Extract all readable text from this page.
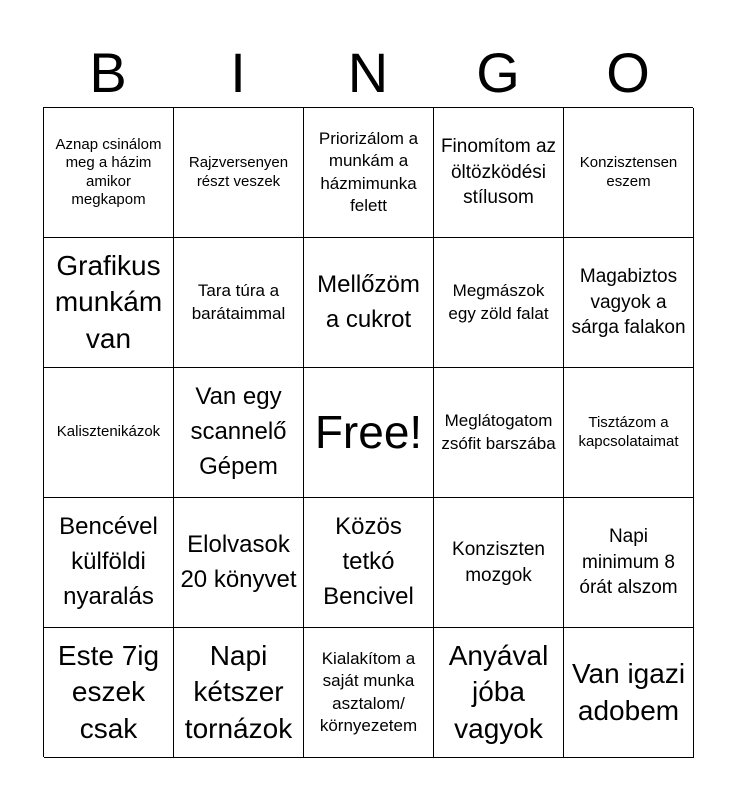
B	I	N	G	O
Aznap csinálom meg a házim amikor megkapom
Rajzversenyen részt veszek
Priorizálom a munkám a házmimunka felett
Finomítom az öltözködési stílusom
Konzisztensen eszem
Grafikus munkám van
Tara túra a barátaimmal
Mellőzöm a cukrot
Megmászok egy zöld falat
Magabiztos vagyok a sárga falakon
Kalisztenikázok
Van egy scannelő Gépem
Free!	Meglátogatom zsófit barszába
Tisztázom a kapcsolataimat
Bencével külföldi nyaralás
Elolvasok 20 könyvet
Közös tetkó Bencivel
Konziszten mozgok
Napi minimum 8 órát alszom
Este 7ig eszek csak
Napi kétszer tornázok
Kialakítom a saját munka asztalom/ környezetem
Anyával jóba vagyok
Van igazi adobem
